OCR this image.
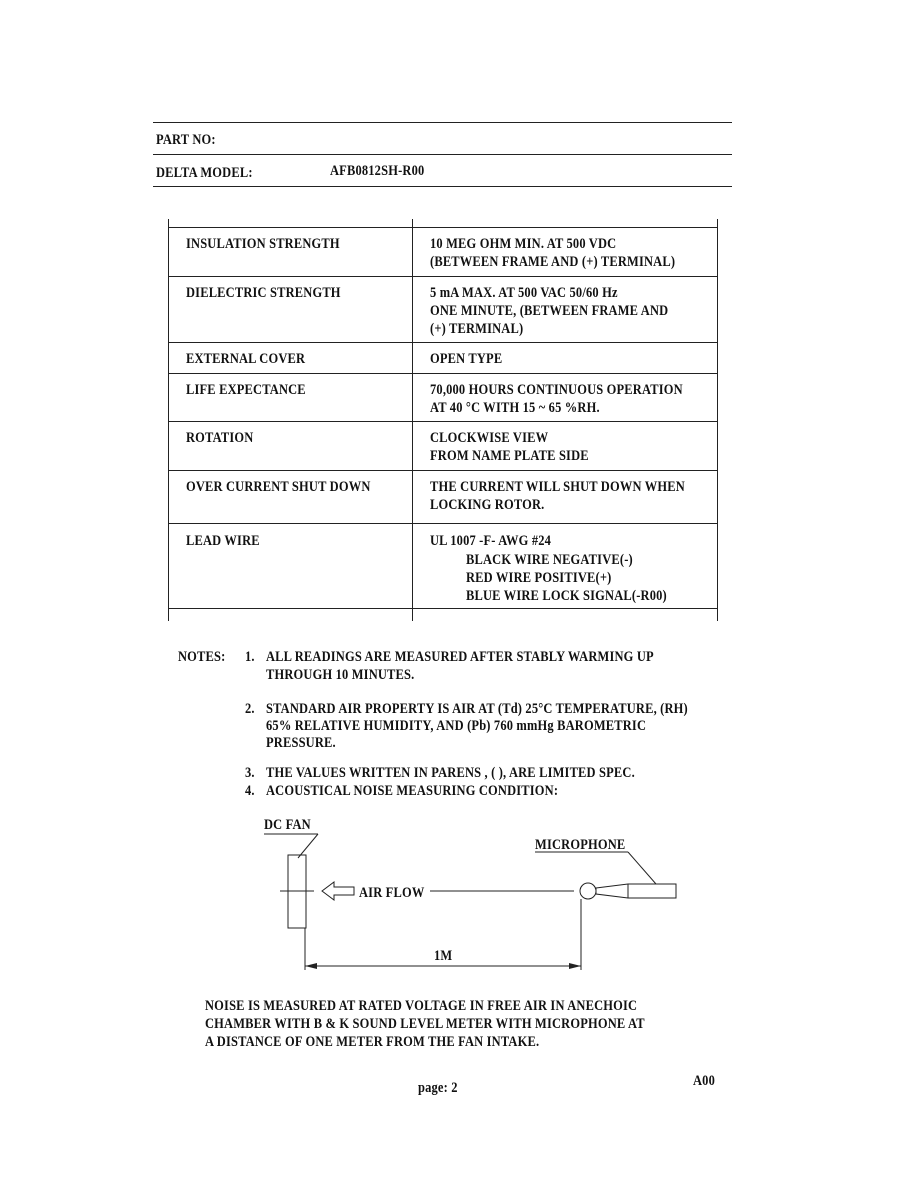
PART NO:
DELTA MODEL:	AFB0812SH-R00
INSULATION STRENGTH	10 MEG OHM MIN. AT 500 VDC
(BETWEEN FRAME AND (+) TERMINAL)
DIELECTRIC STRENGTH	5 mA MAX. AT 500 VAC 50/60 Hz
ONE MINUTE, (BETWEEN FRAME AND
(+) TERMINAL)
EXTERNAL COVER	OPEN TYPE
LIFE EXPECTANCE	70,000 HOURS CONTINUOUS OPERATION
AT 40 °C WITH 15 ~ 65 %RH.
ROTATION	CLOCKWISE VIEW
FROM NAME PLATE SIDE
OVER CURRENT SHUT DOWN	THE CURRENT WILL SHUT DOWN WHEN
LOCKING ROTOR.
LEAD WIRE	UL 1007 -F- AWG #24
BLACK WIRE NEGATIVE(-)
RED WIRE POSITIVE(+)
BLUE WIRE LOCK SIGNAL(-R00)
NOTES: 1. ALL READINGS ARE MEASURED AFTER STABLY WARMING UP
THROUGH 10 MINUTES.
2. STANDARD AIR PROPERTY IS AIR AT (Td) 25°C TEMPERATURE, (RH)
65% RELATIVE HUMIDITY, AND (Pb) 760 mmHg BAROMETRIC
PRESSURE.
3. THE VALUES WRITTEN IN PARENS , ( ), ARE LIMITED SPEC.
4. ACOUSTICAL NOISE MEASURING CONDITION:
DC FAN
MICROPHONE
AIR FLOW
1M
NOISE IS MEASURED AT RATED VOLTAGE IN FREE AIR IN ANECHOIC
CHAMBER WITH B & K SOUND LEVEL METER WITH MICROPHONE AT
A DISTANCE OF ONE METER FROM THE FAN INTAKE.
page: 2	A00
